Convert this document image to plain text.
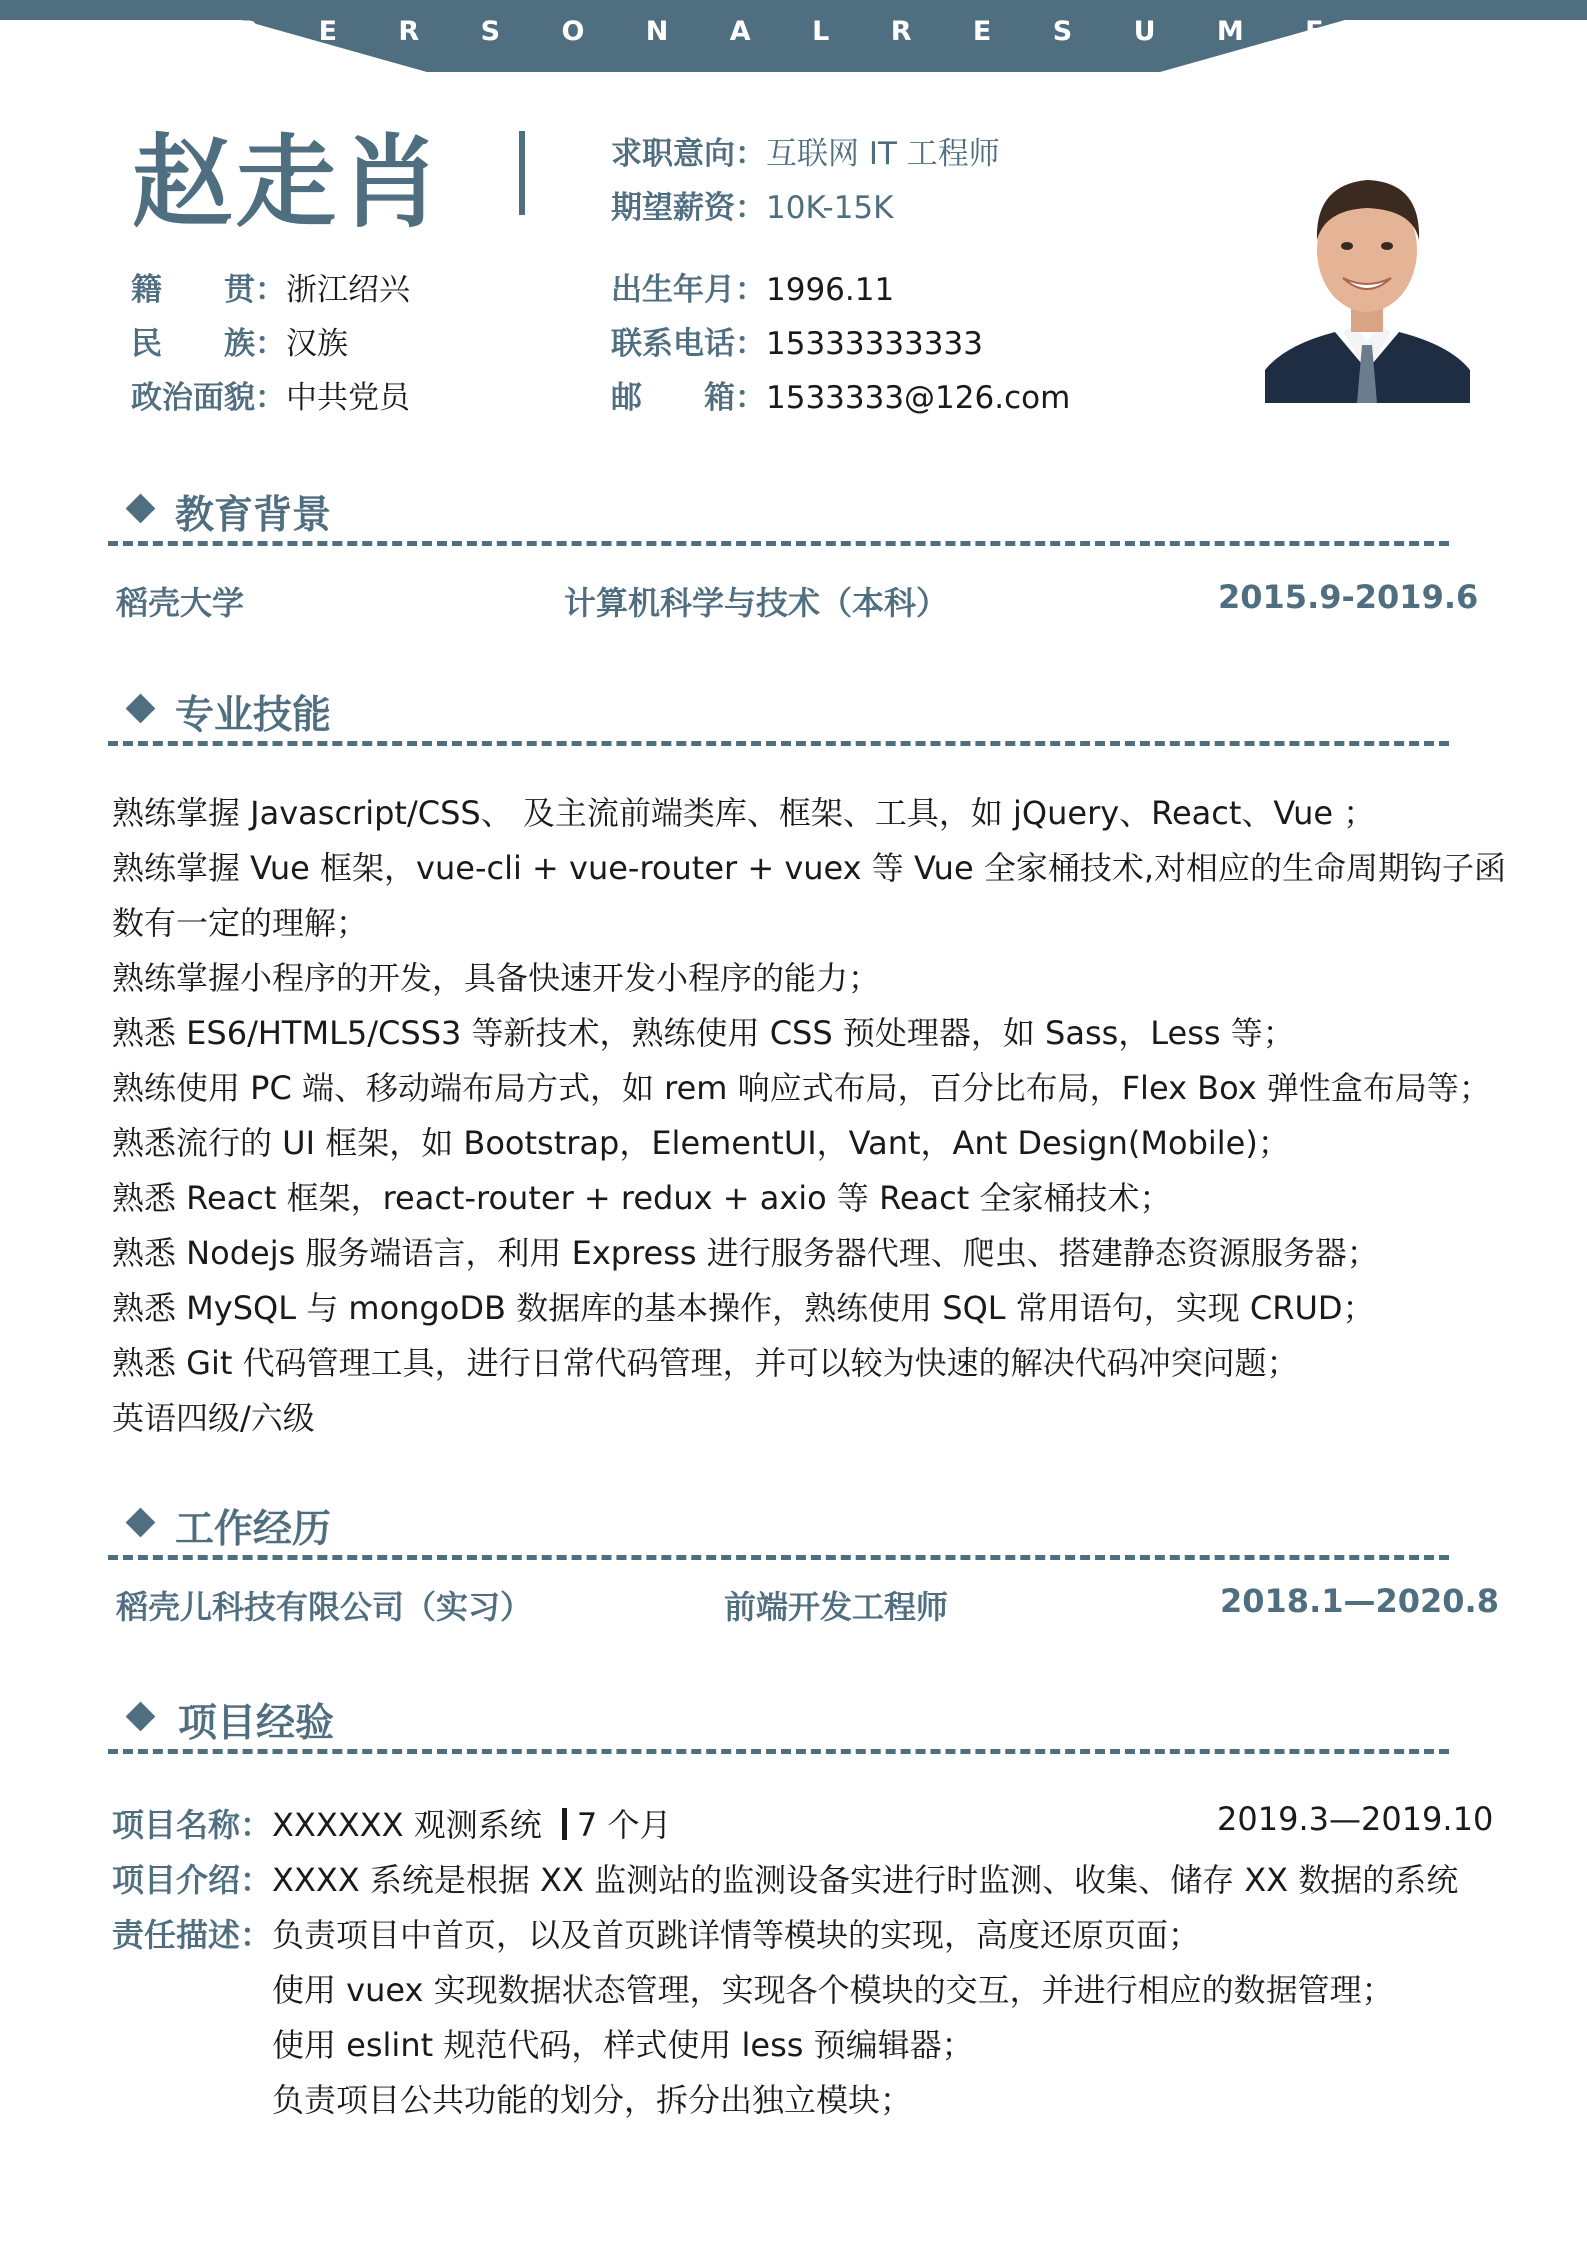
P E R S O N A L R E S U M E
赵走肖	求职意向：互联网 IT 工程师
期望薪资：10K-15K
籍　　贯：浙江绍兴
民　　族：汉族
政治面貌：中共党员
出生年月：1996.11
联系电话：15333333333
邮　　箱：1533333@126.com
教育背景
稻壳大学	计算机科学与技术（本科）	2015.9-2019.6
专业技能
熟练掌握 Javascript/CSS、 及主流前端类库、框架、工具，如 jQuery、React、Vue ；
熟练掌握 Vue 框架，vue-cli + vue-router + vuex 等 Vue 全家桶技术,对相应的生命周期钩子函
数有一定的理解；
熟练掌握小程序的开发，具备快速开发小程序的能力；
熟悉 ES6/HTML5/CSS3 等新技术，熟练使用 CSS 预处理器，如 Sass，Less 等；
熟练使用 PC 端、移动端布局方式，如 rem 响应式布局，百分比布局，Flex Box 弹性盒布局等；
熟悉流行的 UI 框架，如 Bootstrap，ElementUI，Vant，Ant Design(Mobile)；
熟悉 React 框架，react-router + redux + axio 等 React 全家桶技术；
熟悉 Nodejs 服务端语言，利用 Express 进行服务器代理、爬虫、搭建静态资源服务器；
熟悉 MySQL 与 mongoDB 数据库的基本操作，熟练使用 SQL 常用语句，实现 CRUD；
熟悉 Git 代码管理工具，进行日常代码管理，并可以较为快速的解决代码冲突问题；
英语四级/六级
工作经历
稻壳儿科技有限公司（实习）	前端开发工程师	2018.1—2020.8
项目经验
项目名称：XXXXXX 观测系统 7 个月	2019.3—2019.10
项目介绍：XXXX 系统是根据 XX 监测站的监测设备实进行时监测、收集、储存 XX 数据的系统
责任描述： 负责项目中首页，以及首页跳详情等模块的实现，高度还原页面；
使用 vuex 实现数据状态管理，实现各个模块的交互，并进行相应的数据管理；
使用 eslint 规范代码，样式使用 less 预编辑器；
负责项目公共功能的划分，拆分出独立模块；
